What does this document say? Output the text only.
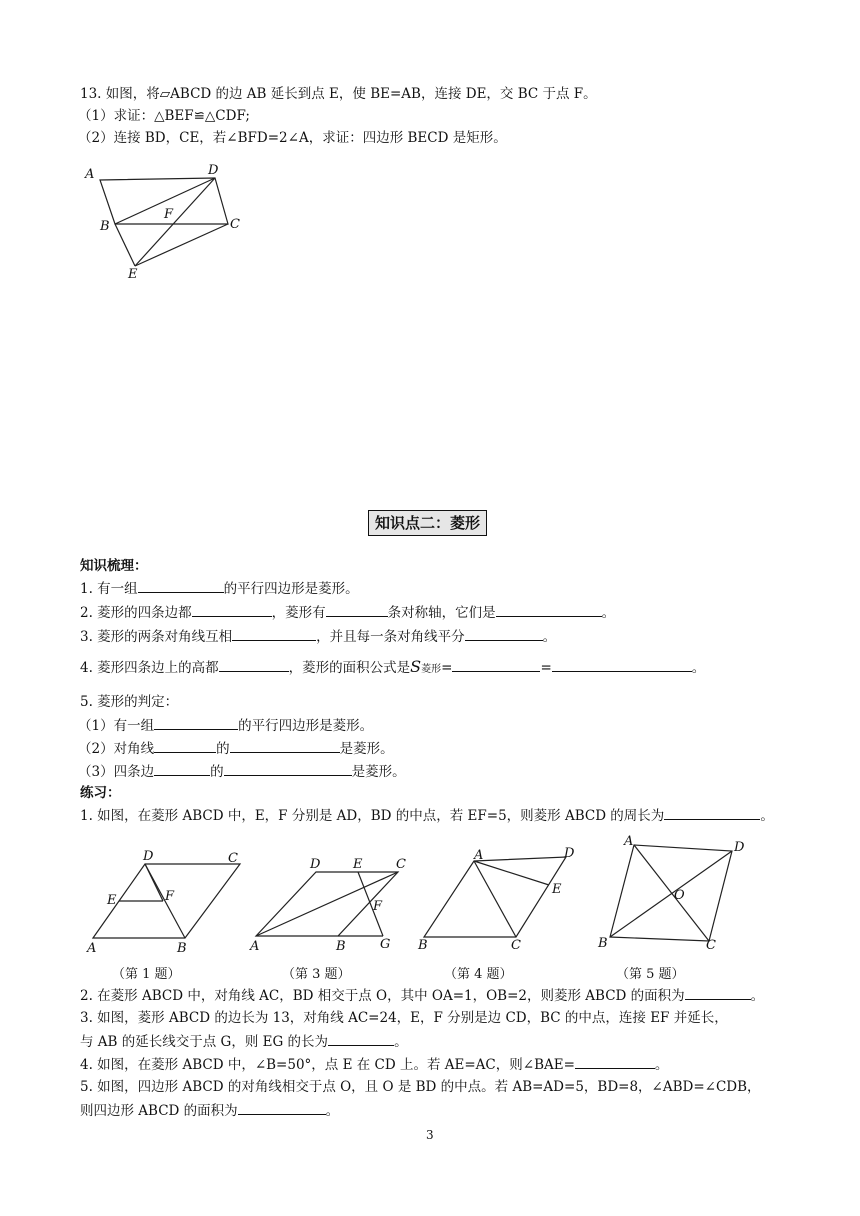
13. 如图，将▱ABCD 的边 AB 延长到点 E，使 BE=AB，连接 DE，交 BC 于点 F。
（1）求证：△BEF≌△CDF;
（2）连接 BD，CE，若∠BFD=2∠A，求证：四边形 BECD 是矩形。
A	D
B
F
C
E
知识点二：菱形
知识梳理：
1. 有一组	的平行四边形是菱形。
2. 菱形的四条边都	，菱形有	条对称轴，它们是	。
3. 菱形的两条对角线互相	，并且每一条对角线平分	。
4. 菱形四条边上的高都	，菱形的面积公式是S菱形=	=	。
5. 菱形的判定：
（1）有一组	的平行四边形是菱形。
（2）对角线	的	是菱形。
（3）四条边	的	是菱形。
练习：
1. 如图，在菱形 ABCD 中，E，F 分别是 AD，BD 的中点，若 EF=5，则菱形 ABCD 的周长为	。
A
D	C
E	F
B	A
D	E	C
F
B	G
A	D
E
C
B
A	D
O
B	C
（第 1 题）	（第 3 题）	（第 4 题）	（第 5 题）
2. 在菱形 ABCD 中，对角线 AC，BD 相交于点 O，其中 OA=1，OB=2，则菱形 ABCD 的面积为	。
3. 如图，菱形 ABCD 的边长为 13，对角线 AC=24，E，F 分别是边 CD，BC 的中点，连接 EF 并延长，
与 AB 的延长线交于点 G，则 EG 的长为	。
4. 如图，在菱形 ABCD 中，∠B=50°，点 E 在 CD 上。若 AE=AC，则∠BAE=	。
5. 如图，四边形 ABCD 的对角线相交于点 O，且 O 是 BD 的中点。若 AB=AD=5，BD=8，∠ABD=∠CDB，
则四边形 ABCD 的面积为	。
3
